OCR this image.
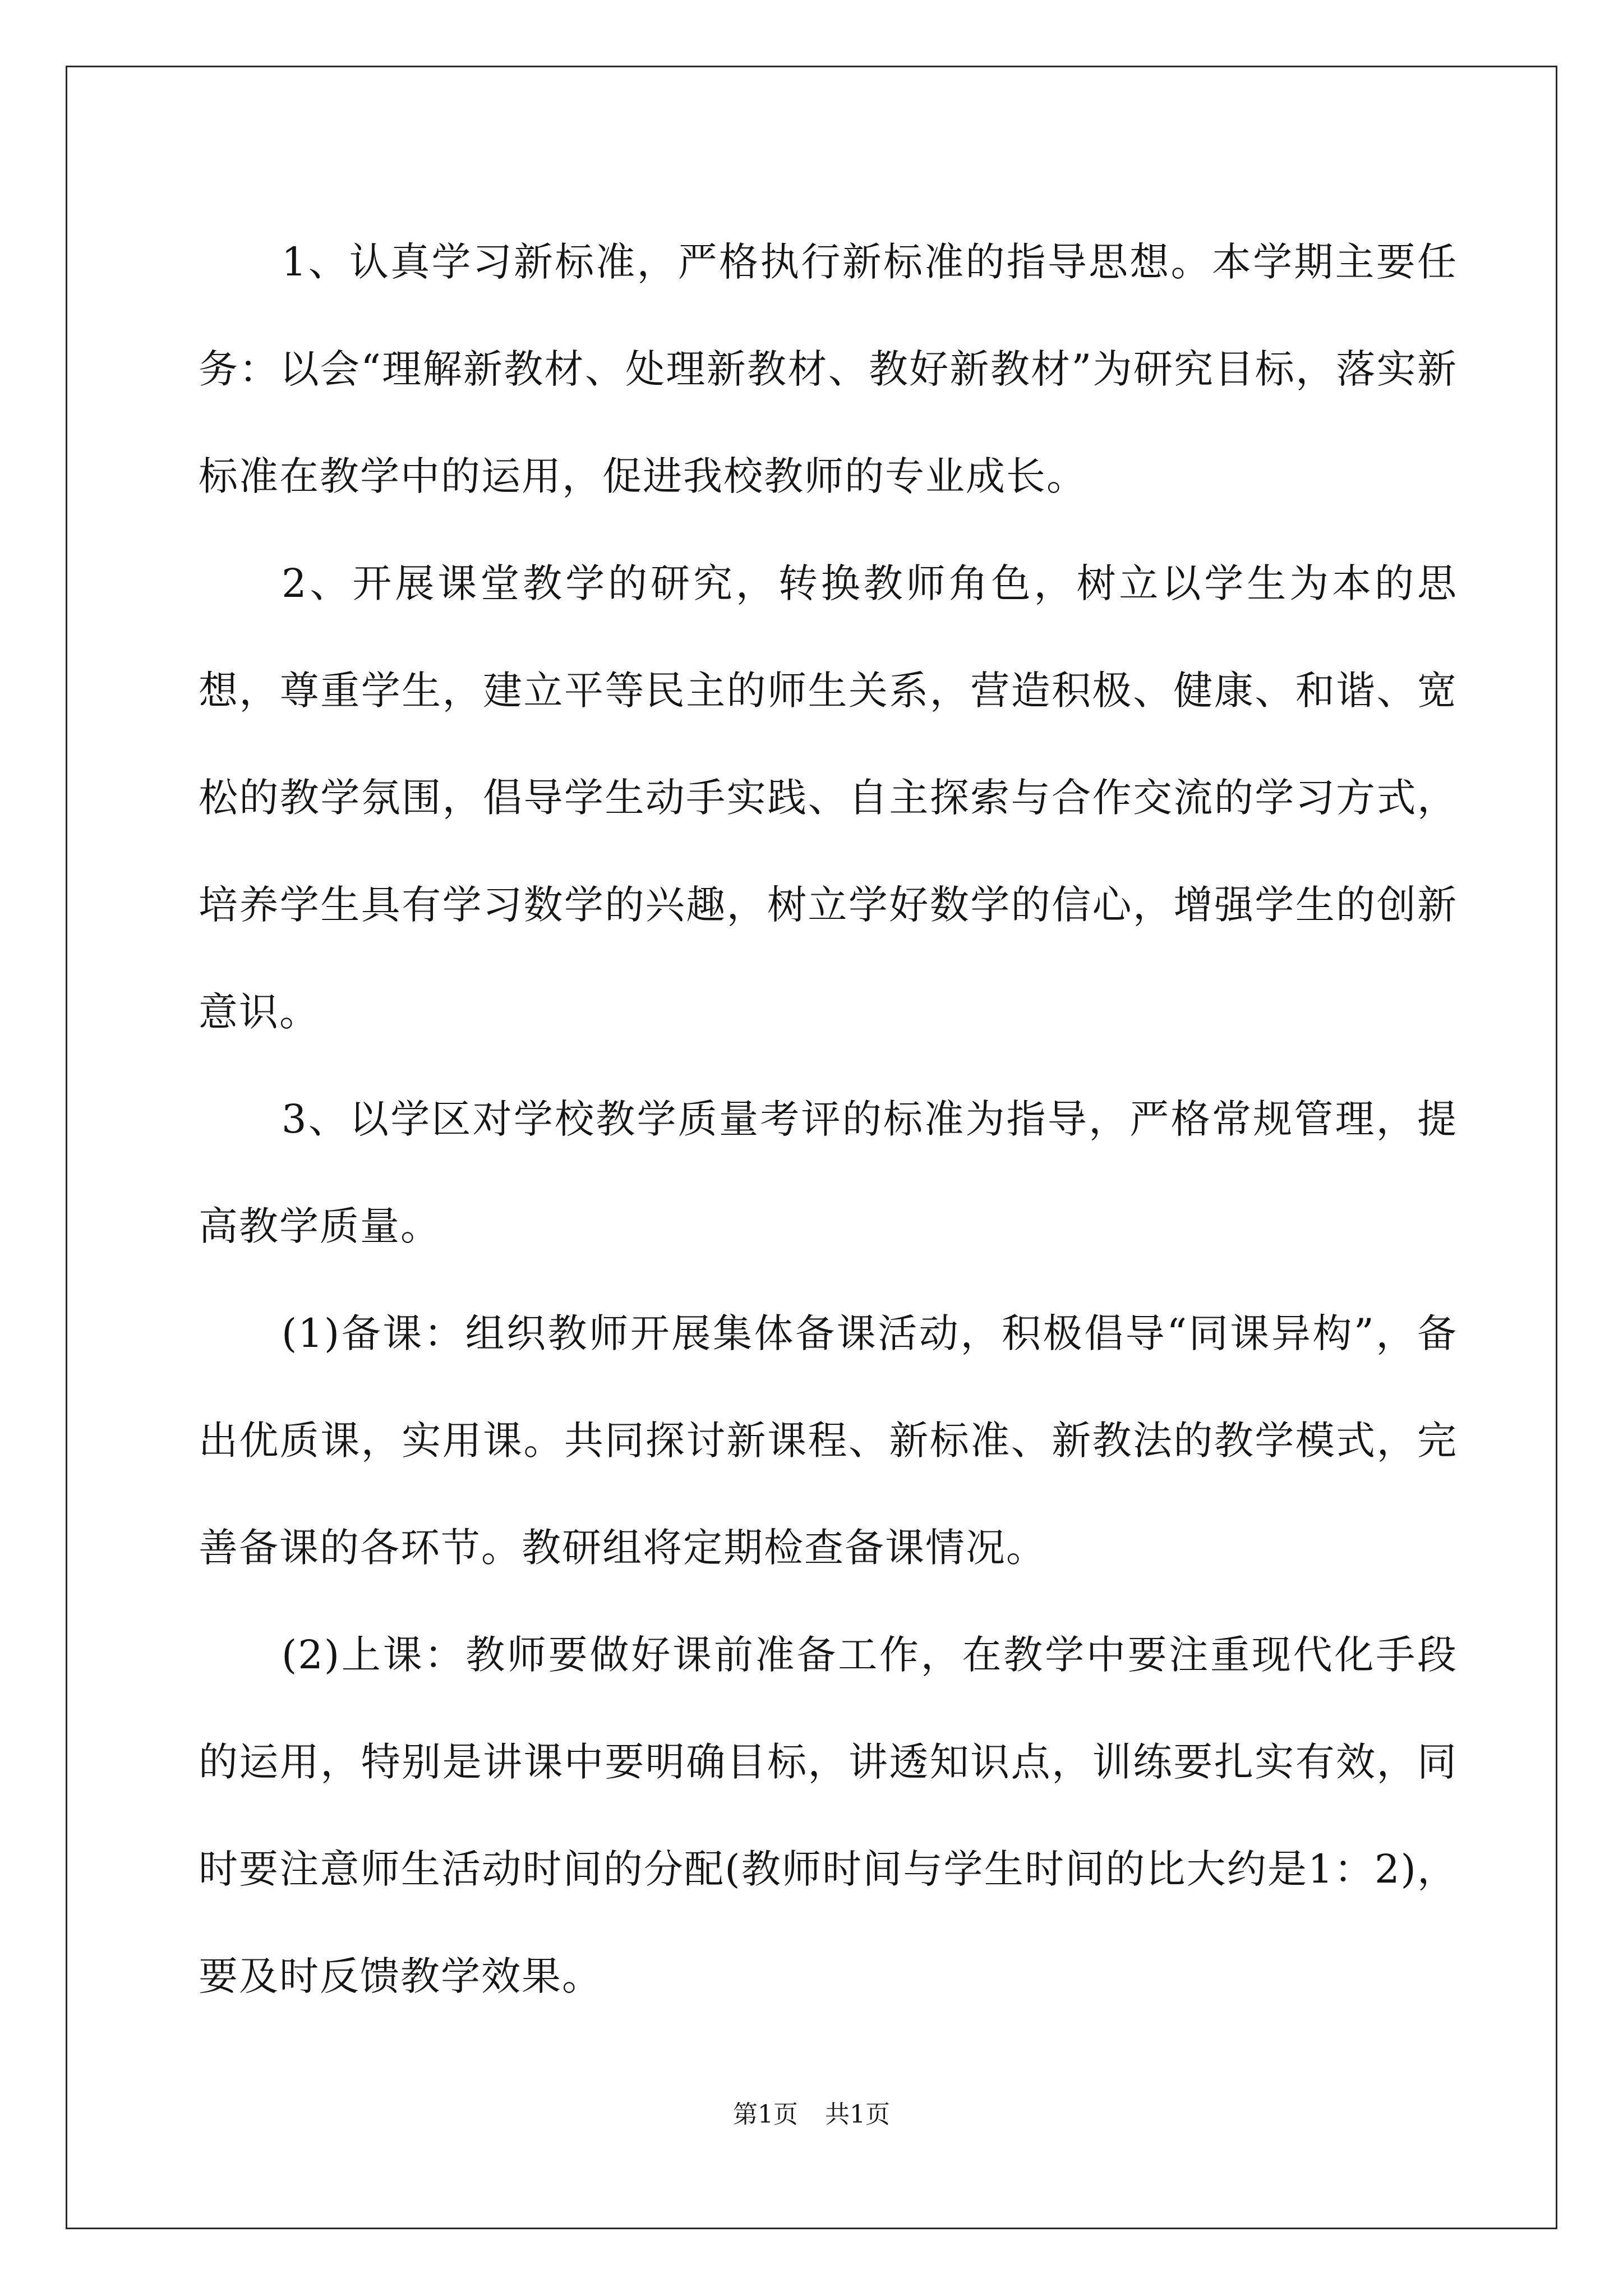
1、认真学习新标准，严格执行新标准的指导思想。本学期主要任务：以会“理解新教材、处理新教材、教好新教材”为研究目标，落实新标准在教学中的运用，促进我校教师的专业成长。

2、开展课堂教学的研究，转换教师角色，树立以学生为本的思想，尊重学生，建立平等民主的师生关系，营造积极、健康、和谐、宽松的教学氛围，倡导学生动手实践、自主探索与合作交流的学习方式，培养学生具有学习数学的兴趣，树立学好数学的信心，增强学生的创新意识。

3、以学区对学校教学质量考评的标准为指导，严格常规管理，提高教学质量。

(1)备课：组织教师开展集体备课活动，积极倡导“同课异构”，备出优质课，实用课。共同探讨新课程、新标准、新教法的教学模式，完善备课的各环节。教研组将定期检查备课情况。

(2)上课：教师要做好课前准备工作，在教学中要注重现代化手段的运用，特别是讲课中要明确目标，讲透知识点，训练要扎实有效，同时要注意师生活动时间的分配(教师时间与学生时间的比大约是1：2)，要及时反馈教学效果。

第1页 共1页
